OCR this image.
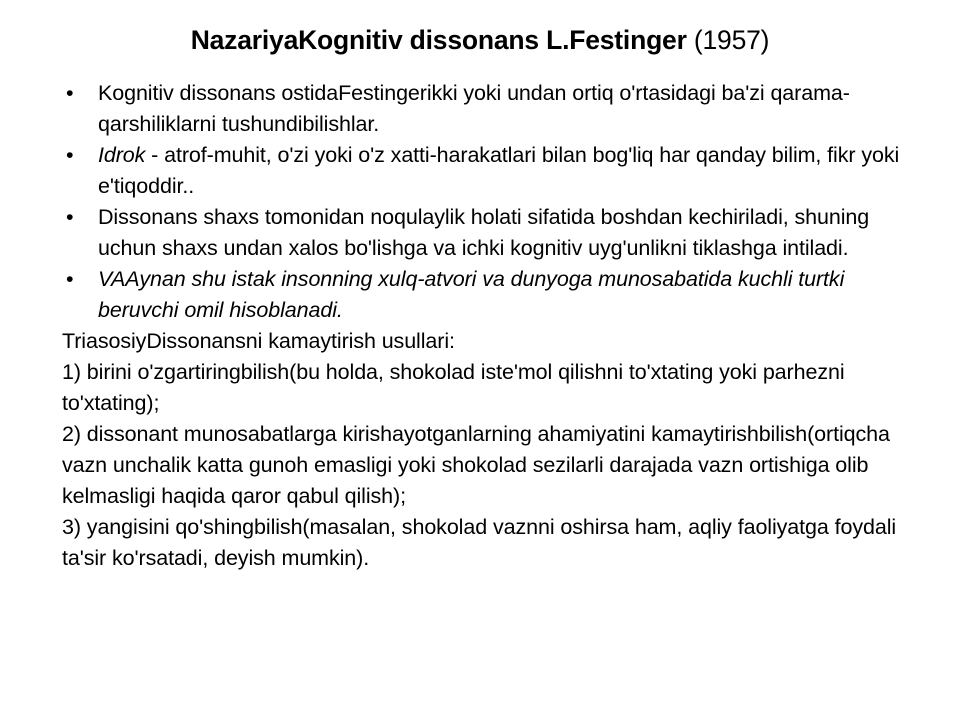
NazariyaKognitiv dissonans L.Festinger (1957)
• Kognitiv dissonans ostidaFestingerikki yoki undan ortiq o'rtasidagi ba'zi qarama-qarshiliklarni tushundibilishlar.
• Idrok - atrof-muhit, o'zi yoki o'z xatti-harakatlari bilan bog'liq har qanday bilim, fikr yoki e'tiqoddir..
• Dissonans shaxs tomonidan noqulaylik holati sifatida boshdan kechiriladi, shuning uchun shaxs undan xalos bo'lishga va ichki kognitiv uyg'unlikni tiklashga intiladi.
• VAAynan shu istak insonning xulq-atvori va dunyoga munosabatida kuchli turtki beruvchi omil hisoblanadi.

TriasosiyDissonansni kamaytirish usullari:

1) birini o'zgartiringbilish(bu holda, shokolad iste'mol qilishni to'xtating yoki parhezni to'xtating);

2) dissonant munosabatlarga kirishayotganlarning ahamiyatini kamaytirishbilish(ortiqcha vazn unchalik katta gunoh emasligi yoki shokolad sezilarli darajada vazn ortishiga olib kelmasligi haqida qaror qabul qilish);

3) yangisini qo'shingbilish(masalan, shokolad vaznni oshirsa ham, aqliy faoliyatga foydali ta'sir ko'rsatadi, deyish mumkin).
